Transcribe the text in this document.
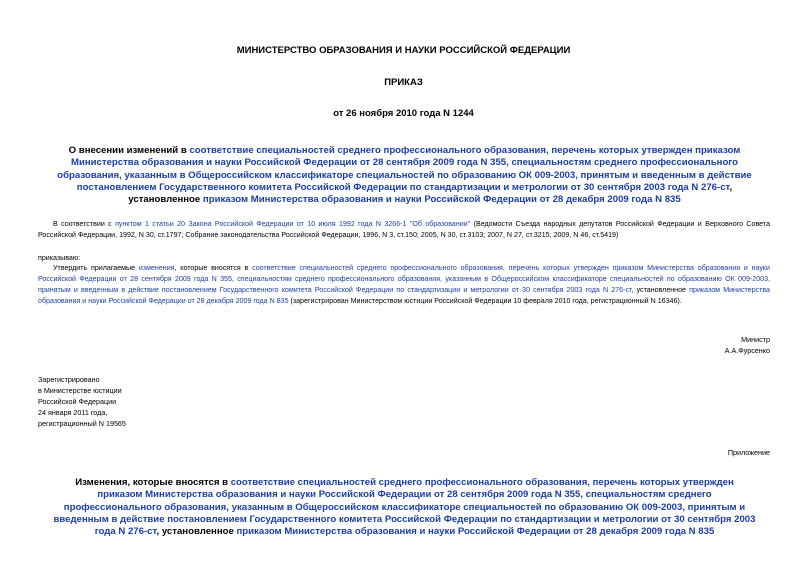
МИНИСТЕРСТВО ОБРАЗОВАНИЯ И НАУКИ РОССИЙСКОЙ ФЕДЕРАЦИИ
ПРИКАЗ
от 26 ноября 2010 года N 1244
О внесении изменений в соответствие специальностей среднего профессионального образования, перечень которых утвержден приказом Министерства образования и науки Российской Федерации от 28 сентября 2009 года N 355, специальностям среднего профессионального образования, указанным в Общероссийском классификаторе специальностей по образованию ОК 009-2003, принятым и введенным в действие постановлением Государственного комитета Российской Федерации по стандартизации и метрологии от 30 сентября 2003 года N 276-ст, установленное приказом Министерства образования и науки Российской Федерации от 28 декабря 2009 года N 835
В соответствии с пунктом 1 статьи 20 Закона Российской Федерации от 10 июля 1992 года N 3266-1 "Об образовании" (Ведомости Съезда народных депутатов Российской Федерации и Верховного Совета Российской Федерации, 1992, N 30, ст.1797; Собрание законодательства Российской Федерации, 1996, N 3, ст.150; 2005, N 30, ст.3103; 2007, N 27, ст.3215; 2009, N 46, ст.5419)
приказываю:
Утвердить прилагаемые изменения, которые вносятся в соответствие специальностей среднего профессионального образования, перечень которых утвержден приказом Министерства образования и науки Российской Федерации от 28 сентября 2009 года N 355, специальностям среднего профессионального образования, указанным в Общероссийском классификаторе специальностей по образованию ОК 009-2003, принятым и введенным в действие постановлением Государственного комитета Российской Федерации по стандартизации и метрологии от 30 сентября 2003 года N 276-ст, установленное приказом Министерства образования и науки Российской Федерации от 28 декабря 2009 года N 835 (зарегистрирован Министерством юстиции Российской Федерации 10 февраля 2010 года, регистрационный N 16346).
Министр
А.А.Фурсенко
Зарегистрировано
в Министерстве юстиции
Российской Федерации
24 января 2011 года,
регистрационный N 19565
Приложение
Изменения, которые вносятся в соответствие специальностей среднего профессионального образования, перечень которых утвержден приказом Министерства образования и науки Российской Федерации от 28 сентября 2009 года N 355, специальностям среднего профессионального образования, указанным в Общероссийском классификаторе специальностей по образованию ОК 009-2003, принятым и введенным в действие постановлением Государственного комитета Российской Федерации по стандартизации и метрологии от 30 сентября 2003 года N 276-ст, установленное приказом Министерства образования и науки Российской Федерации от 28 декабря 2009 года N 835
